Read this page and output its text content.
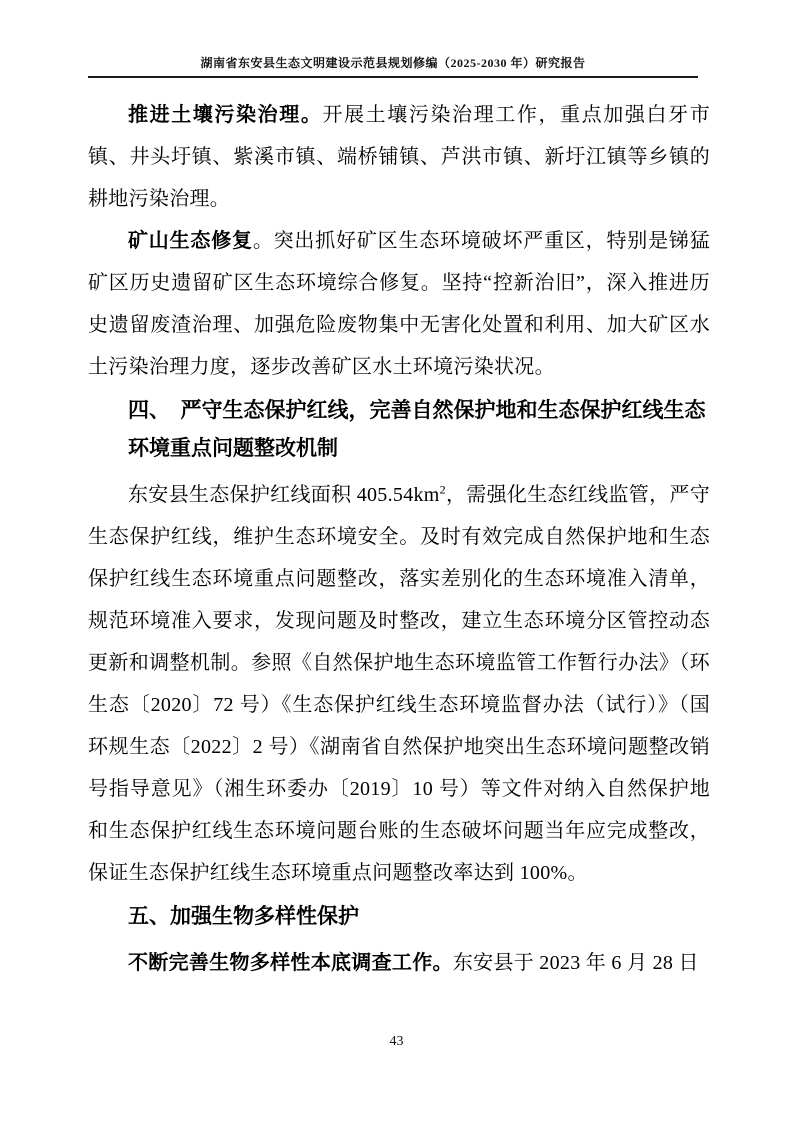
湖南省东安县生态文明建设示范县规划修编（2025-2030 年）研究报告

推进土壤污染治理。开展土壤污染治理工作，重点加强白牙市镇、井头圩镇、紫溪市镇、端桥铺镇、芦洪市镇、新圩江镇等乡镇的耕地污染治理。

矿山生态修复。突出抓好矿区生态环境破坏严重区，特别是锑猛矿区历史遗留矿区生态环境综合修复。坚持“控新治旧”，深入推进历史遗留废渣治理、加强危险废物集中无害化处置和利用、加大矿区水土污染治理力度，逐步改善矿区水土环境污染状况。

四、　严守生态保护红线，完善自然保护地和生态保护红线生态环境重点问题整改机制

东安县生态保护红线面积 $405.54km^2$，需强化生态红线监管，严守生态保护红线，维护生态环境安全。及时有效完成自然保护地和生态保护红线生态环境重点问题整改，落实差别化的生态环境准入清单，规范环境准入要求，发现问题及时整改，建立生态环境分区管控动态更新和调整机制。参照《自然保护地生态环境监管工作暂行办法》（环生态〔2020〕72 号）《生态保护红线生态环境监督办法（试行）》（国环规生态〔2022〕2 号）《湖南省自然保护地突出生态环境问题整改销号指导意见》（湘生环委办〔2019〕10 号）等文件对纳入自然保护地和生态保护红线生态环境问题台账的生态破坏问题当年应完成整改，保证生态保护红线生态环境重点问题整改率达到 100%。

五、加强生物多样性保护

不断完善生物多样性本底调查工作。东安县于 2023 年 6 月 28 日

43
